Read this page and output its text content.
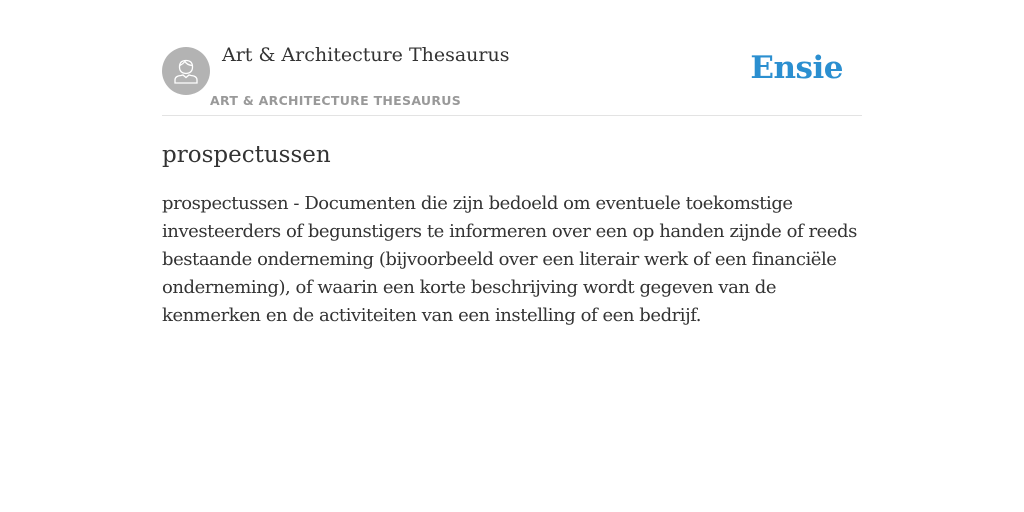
Art & Architecture Thesaurus
ART & ARCHITECTURE THESAURUS
Ensie
prospectussen

prospectussen - Documenten die zijn bedoeld om eventuele toekomstige investeerders of begunstigers te informeren over een op handen zijnde of reeds bestaande onderneming (bijvoorbeeld over een literair werk of een financiële onderneming), of waarin een korte beschrijving wordt gegeven van de kenmerken en de activiteiten van een instelling of een bedrijf.
